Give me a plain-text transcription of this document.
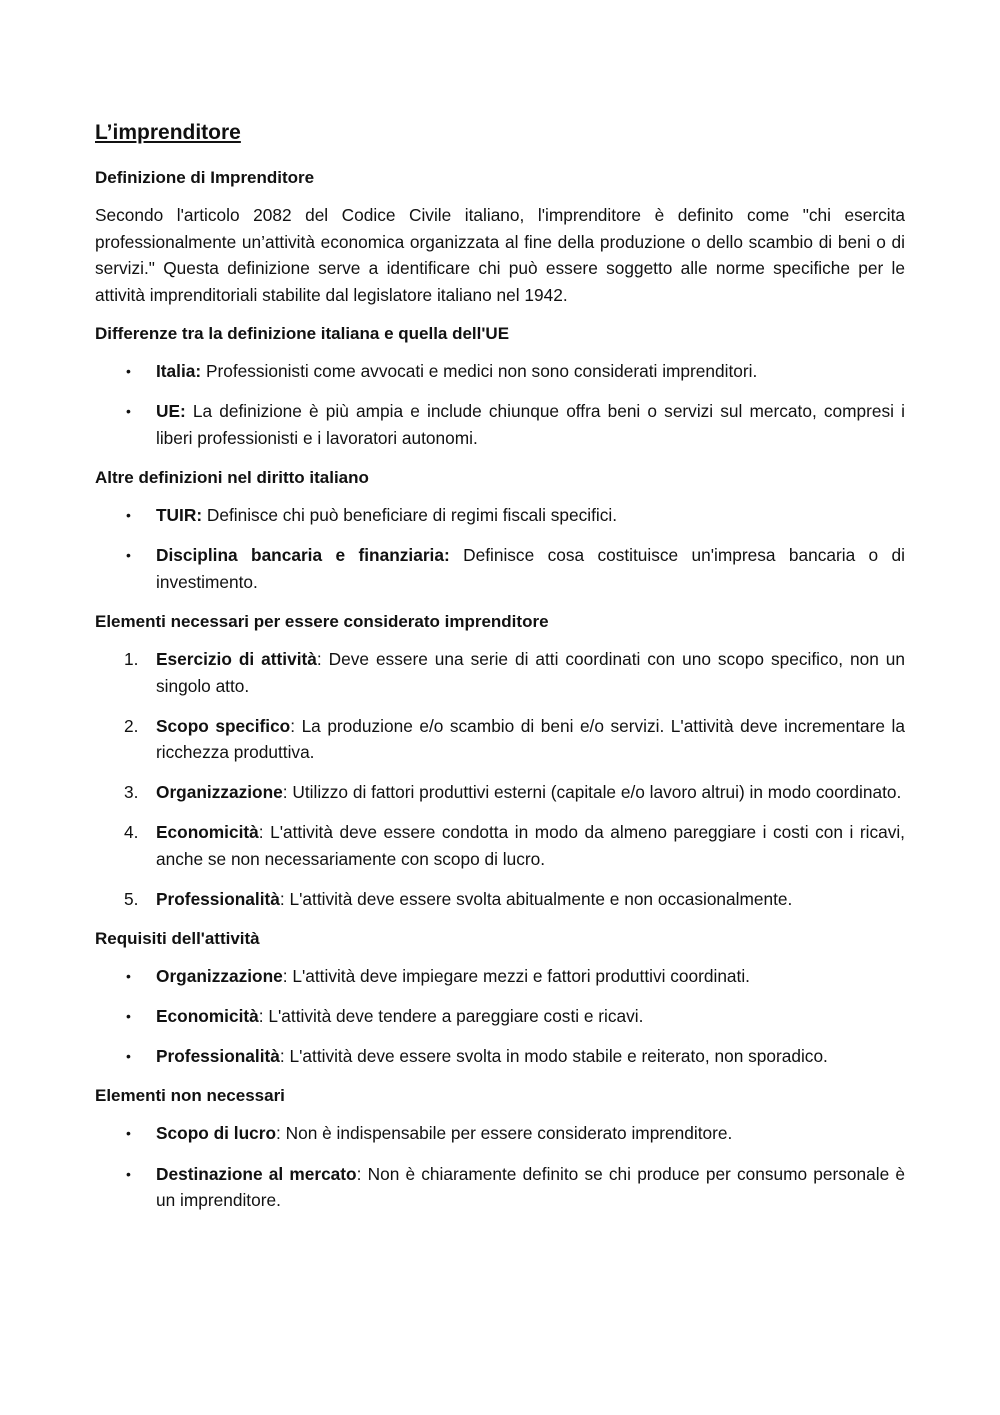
L’imprenditore
Definizione di Imprenditore

Secondo l'articolo 2082 del Codice Civile italiano, l'imprenditore è definito come "chi esercita professionalmente un’attività economica organizzata al fine della produzione o dello scambio di beni o di servizi." Questa definizione serve a identificare chi può essere soggetto alle norme specifiche per le attività imprenditoriali stabilite dal legislatore italiano nel 1942.

Differenze tra la definizione italiana e quella dell'UE
•	Italia: Professionisti come avvocati e medici non sono considerati imprenditori.
•	UE: La definizione è più ampia e include chiunque offra beni o servizi sul mercato, compresi i liberi professionisti e i lavoratori autonomi.
Altre definizioni nel diritto italiano
•	TUIR: Definisce chi può beneficiare di regimi fiscali specifici.
•	Disciplina bancaria e finanziaria: Definisce cosa costituisce un'impresa bancaria o di investimento.
Elementi necessari per essere considerato imprenditore
1.	Esercizio di attività: Deve essere una serie di atti coordinati con uno scopo specifico, non un singolo atto.
2.	Scopo specifico: La produzione e/o scambio di beni e/o servizi. L'attività deve incrementare la ricchezza produttiva.
3.	Organizzazione: Utilizzo di fattori produttivi esterni (capitale e/o lavoro altrui) in modo coordinato.
4.	Economicità: L'attività deve essere condotta in modo da almeno pareggiare i costi con i ricavi, anche se non necessariamente con scopo di lucro.
5.	Professionalità: L'attività deve essere svolta abitualmente e non occasionalmente.
Requisiti dell'attività
•	Organizzazione: L'attività deve impiegare mezzi e fattori produttivi coordinati.
•	Economicità: L'attività deve tendere a pareggiare costi e ricavi.
•	Professionalità: L'attività deve essere svolta in modo stabile e reiterato, non sporadico.
Elementi non necessari
•	Scopo di lucro: Non è indispensabile per essere considerato imprenditore.
•	Destinazione al mercato: Non è chiaramente definito se chi produce per consumo personale è un imprenditore.
